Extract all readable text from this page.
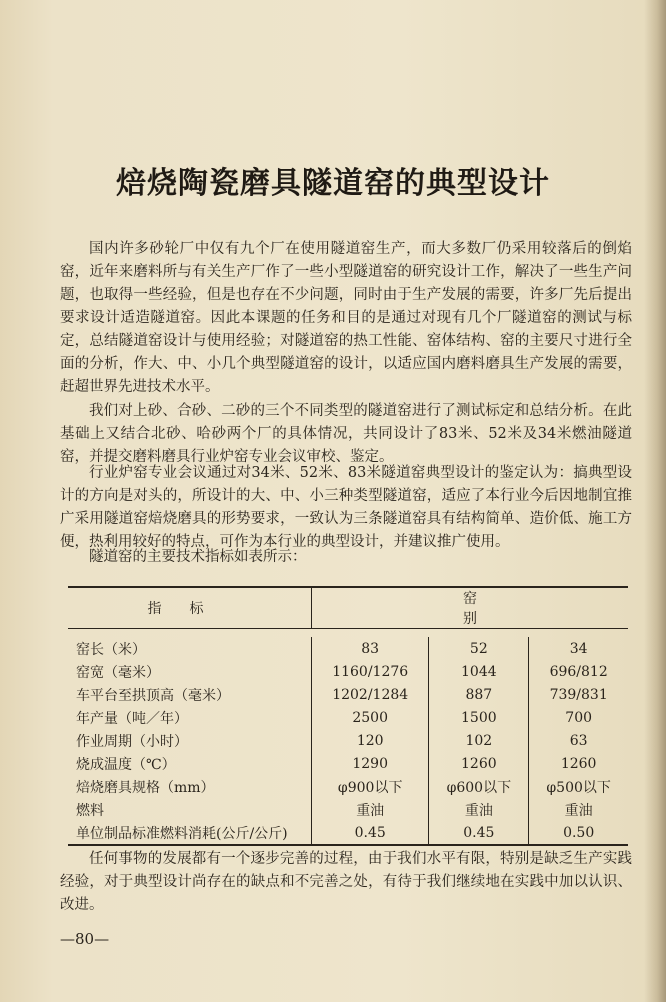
焙烧陶瓷磨具隧道窑的典型设计
国内许多砂轮厂中仅有九个厂在使用隧道窑生产，而大多数厂仍采用较落后的倒焰窑，近年来磨料所与有关生产厂作了一些小型隧道窑的研究设计工作，解决了一些生产问题，也取得一些经验，但是也存在不少问题，同时由于生产发展的需要，许多厂先后提出要求设计适造隧道窑。因此本课题的任务和目的是通过对现有几个厂隧道窑的测试与标定，总结隧道窑设计与使用经验；对隧道窑的热工性能、窑体结构、窑的主要尺寸进行全面的分析，作大、中、小几个典型隧道窑的设计，以适应国内磨料磨具生产发展的需要，赶超世界先进技术水平。
我们对上砂、合砂、二砂的三个不同类型的隧道窑进行了测试标定和总结分析。在此基础上又结合北砂、哈砂两个厂的具体情况，共同设计了83米、52米及34米燃油隧道窑，并提交磨料磨具行业炉窑专业会议审校、鉴定。
行业炉窑专业会议通过对34米、52米、83米隧道窑典型设计的鉴定认为：搞典型设计的方向是对头的，所设计的大、中、小三种类型隧道窑，适应了本行业今后因地制宜推广采用隧道窑焙烧磨具的形势要求，一致认为三条隧道窑具有结构简单、造价低、施工方便，热利用较好的特点，可作为本行业的典型设计，并建议推广使用。
隧道窑的主要技术指标如表所示：
指标	窑别		

窑长（米）	83	52	34
窑宽（毫米）	1160/1276	1044	696/812
车平台至拱顶高（毫米）	1202/1284	887	739/831
年产量（吨／年）	2500	1500	700
作业周期（小时）	120	102	63
烧成温度（℃）	1290	1260	1260
焙烧磨具规格（mm）	φ900以下	φ600以下	φ500以下
燃料	重油	重油	重油
单位制品标准燃料消耗(公斤/公斤)	0.45	0.45	0.50
任何事物的发展都有一个逐步完善的过程，由于我们水平有限，特别是缺乏生产实践经验，对于典型设计尚存在的缺点和不完善之处，有待于我们继续地在实践中加以认识、改进。
—80—
